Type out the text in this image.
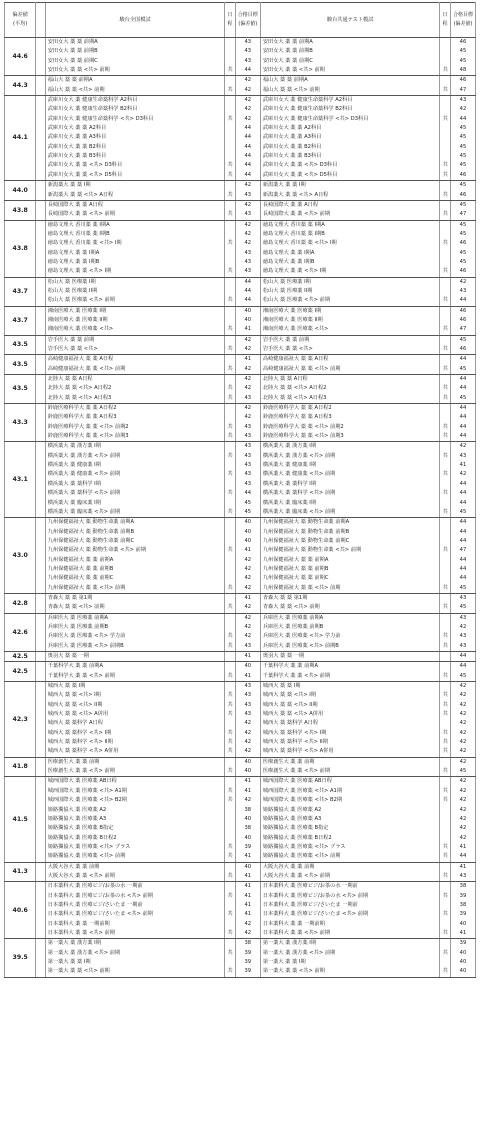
偏差値
(平均)		駿台全国模試	日程	合格目標
(偏差値)	駿台共通テスト模試	日程	合格目標
(偏差値)
44.6		安田女大 薬 薬 前期A		43	安田女大 薬 薬 前期A		46
		安田女大 薬 薬 前期B		43	安田女大 薬 薬 前期B		45
		安田女大 薬 薬 前期C		43	安田女大 薬 薬 前期C		45
		安田女大 薬 薬 <共> 前期	共	44	安田女大 薬 薬 <共> 前期	共	48
44.3		福山大 薬 薬 前期A		42	福山大 薬 薬 前期A		46
		福山大 薬 薬 <共> 前期	共	42	福山大 薬 薬 <共> 前期	共	47
44.1		武庫川女大 薬 健康生命薬科学 A2科目		42	武庫川女大 薬 健康生命薬科学 A2科目		43
		武庫川女大 薬 健康生命薬科学 B2科目		42	武庫川女大 薬 健康生命薬科学 B2科目		42
		武庫川女大 薬 健康生命薬科学 <共> D3科目	共	42	武庫川女大 薬 健康生命薬科学 <共> D3科目	共	44
		武庫川女大 薬 薬 A2科目		44	武庫川女大 薬 薬 A2科目		45
		武庫川女大 薬 薬 A3科目		44	武庫川女大 薬 薬 A3科目		45
		武庫川女大 薬 薬 B2科目		44	武庫川女大 薬 薬 B2科目		45
		武庫川女大 薬 薬 B3科目		44	武庫川女大 薬 薬 B3科目		45
		武庫川女大 薬 薬 <共> D3科目	共	44	武庫川女大 薬 薬 <共> D3科目	共	45
		武庫川女大 薬 薬 <共> D5科目	共	44	武庫川女大 薬 薬 <共> D5科目	共	46
44.0		新潟薬大 薬 薬 I期		42	新潟薬大 薬 薬 I期		45
		新潟薬大 薬 薬 <共> A日程	共	43	新潟薬大 薬 薬 <共> A日程	共	46
43.8		長崎国際大 薬 薬 A日程		42	長崎国際大 薬 薬 A日程		45
		長崎国際大 薬 薬 <共> 前期	共	43	長崎国際大 薬 薬 <共> 前期	共	47
43.8		徳島文理大 香川薬 薬 I期A		42	徳島文理大 香川薬 薬 I期A		45
		徳島文理大 香川薬 薬 I期B		42	徳島文理大 香川薬 薬 I期B		45
		徳島文理大 香川薬 薬 <共> I期	共	42	徳島文理大 香川薬 薬 <共> I期	共	46
		徳島文理大 薬 薬 I期A		43	徳島文理大 薬 薬 I期A		45
		徳島文理大 薬 薬 I期B		43	徳島文理大 薬 薬 I期B		45
		徳島文理大 薬 薬 <共> I期	共	43	徳島文理大 薬 薬 <共> I期	共	46
43.7		松山大 薬 医療薬 I期		44	松山大 薬 医療薬 I期		42
		松山大 薬 医療薬 II期		44	松山大 薬 医療薬 II期		43
		松山大 薬 医療薬 <共> 前期	共	44	松山大 薬 医療薬 <共> 前期	共	44
43.7		湘南医療大 薬 医療薬 I期		40	湘南医療大 薬 医療薬 I期		46
		湘南医療大 薬 医療薬 II期		40	湘南医療大 薬 医療薬 II期		46
		湘南医療大 薬 医療薬 <共>	共	41	湘南医療大 薬 医療薬 <共>	共	47
43.5		岩手医大 薬 薬 前期		42	岩手医大 薬 薬 前期		45
		岩手医大 薬 薬 <共>	共	42	岩手医大 薬 薬 <共>	共	46
43.5		高崎健康福祉大 薬 薬 A日程		41	高崎健康福祉大 薬 薬 A日程		44
		高崎健康福祉大 薬 薬 <共> 前期	共	42	高崎健康福祉大 薬 薬 <共> 前期	共	45
43.5		北陸大 薬 薬 A日程		42	北陸大 薬 薬 A日程		44
		北陸大 薬 薬 <共> A日程2	共	42	北陸大 薬 薬 <共> A日程2	共	44
		北陸大 薬 薬 <共> A日程3	共	43	北陸大 薬 薬 <共> A日程3	共	45
43.3		鈴鹿医療科学大 薬 薬 A日程2		42	鈴鹿医療科学大 薬 薬 A日程2		44
		鈴鹿医療科学大 薬 薬 A日程3		42	鈴鹿医療科学大 薬 薬 A日程3		44
		鈴鹿医療科学大 薬 薬 <共> 前期2	共	43	鈴鹿医療科学大 薬 薬 <共> 前期2	共	44
		鈴鹿医療科学大 薬 薬 <共> 前期3	共	43	鈴鹿医療科学大 薬 薬 <共> 前期3	共	44
43.1		横浜薬大 薬 漢方薬 I期		43	横浜薬大 薬 漢方薬 I期		42
		横浜薬大 薬 漢方薬 <共> 前期	共	43	横浜薬大 薬 漢方薬 <共> 前期	共	43
		横浜薬大 薬 健康薬 I期		43	横浜薬大 薬 健康薬 I期		41
		横浜薬大 薬 健康薬 <共> 前期	共	43	横浜薬大 薬 健康薬 <共> 前期	共	42
		横浜薬大 薬 薬科学 I期		43	横浜薬大 薬 薬科学 I期		44
		横浜薬大 薬 薬科学 <共> 前期	共	44	横浜薬大 薬 薬科学 <共> 前期	共	44
		横浜薬大 薬 臨床薬 I期		45	横浜薬大 薬 臨床薬 I期		44
		横浜薬大 薬 臨床薬 <共> 前期	共	45	横浜薬大 薬 臨床薬 <共> 前期	共	45
43.0		九州保健福祉大 薬 動物生命薬 前期A		40	九州保健福祉大 薬 動物生命薬 前期A		44
		九州保健福祉大 薬 動物生命薬 前期B		40	九州保健福祉大 薬 動物生命薬 前期B		44
		九州保健福祉大 薬 動物生命薬 前期C		40	九州保健福祉大 薬 動物生命薬 前期C		44
		九州保健福祉大 薬 動物生命薬 <共> 前期	共	41	九州保健福祉大 薬 動物生命薬 <共> 前期	共	47
		九州保健福祉大 薬 薬 前期A		42	九州保健福祉大 薬 薬 前期A		44
		九州保健福祉大 薬 薬 前期B		42	九州保健福祉大 薬 薬 前期B		44
		九州保健福祉大 薬 薬 前期C		42	九州保健福祉大 薬 薬 前期C		44
		九州保健福祉大 薬 薬 <共> 前期	共	42	九州保健福祉大 薬 薬 <共> 前期	共	45
42.8		青森大 薬 薬 第1期		41	青森大 薬 薬 第1期		43
		青森大 薬 薬 <共> 前期	共	42	青森大 薬 薬 <共> 前期	共	45
42.6		兵庫医大 薬 医療薬 前期A		42	兵庫医大 薬 医療薬 前期A		43
		兵庫医大 薬 医療薬 前期B		42	兵庫医大 薬 医療薬 前期B		42
		兵庫医大 薬 医療薬 <共> 学力前	共	42	兵庫医大 薬 医療薬 <共> 学力前	共	43
		兵庫医大 薬 医療薬 <共> 前期B	共	43	兵庫医大 薬 医療薬 <共> 前期B	共	43
42.5		奥羽大 薬 薬 一期		41	奥羽大 薬 薬 一期		44
42.5		千葉科学大 薬 薬 前期A		40	千葉科学大 薬 薬 前期A		44
		千葉科学大 薬 薬 <共> 前期	共	41	千葉科学大 薬 薬 <共> 前期	共	45
42.3		城西大 薬 薬 I期		43	城西大 薬 薬 I期		42
		城西大 薬 薬 <共> I期	共	43	城西大 薬 薬 <共> I期	共	42
		城西大 薬 薬 <共> II期	共	43	城西大 薬 薬 <共> II期	共	42
		城西大 薬 薬 <共> A併用	共	43	城西大 薬 薬 <共> A併用	共	42
		城西大 薬 薬科学 A日程		42	城西大 薬 薬科学 A日程		42
		城西大 薬 薬科学 <共> I期	共	42	城西大 薬 薬科学 <共> I期	共	42
		城西大 薬 薬科学 <共> II期	共	42	城西大 薬 薬科学 <共> II期	共	42
		城西大 薬 薬科学 <共> A併用	共	42	城西大 薬 薬科学 <共> A併用	共	42
41.8		医療創生大 薬 薬 前期		40	医療創生大 薬 薬 前期		42
		医療創生大 薬 薬 <共> 前期	共	40	医療創生大 薬 薬 <共> 前期	共	45
41.5		城西国際大 薬 医療薬 AB日程		41	城西国際大 薬 医療薬 AB日程		42
		城西国際大 薬 医療薬 <共> A1期	共	41	城西国際大 薬 医療薬 <共> A1期	共	42
		城西国際大 薬 医療薬 <共> B2期	共	42	城西国際大 薬 医療薬 <共> B2期	共	42
		姫路獨協大 薬 医療薬 A2		38	姫路獨協大 薬 医療薬 A2		42
		姫路獨協大 薬 医療薬 A3		40	姫路獨協大 薬 医療薬 A3		42
		姫路獨協大 薬 医療薬 B指定		38	姫路獨協大 薬 医療薬 B指定		42
		姫路獨協大 薬 医療薬 B日程2		40	姫路獨協大 薬 医療薬 B日程2		42
		姫路獨協大 薬 医療薬 <共> プラス	共	39	姫路獨協大 薬 医療薬 <共> プラス	共	41
		姫路獨協大 薬 医療薬 <共> 前期	共	41	姫路獨協大 薬 医療薬 <共> 前期	共	44
41.3		大阪大谷大 薬 薬 前期		40	大阪大谷大 薬 薬 前期		41
		大阪大谷大 薬 薬 <共> 前期	共	41	大阪大谷大 薬 薬 <共> 前期	共	43
40.6		日本薬科大 薬 医療ビジ/お茶の水 一期前		41	日本薬科大 薬 医療ビジ/お茶の水 一期前		38
		日本薬科大 薬 医療ビジ/お茶の水 <共> 前期	共	41	日本薬科大 薬 医療ビジ/お茶の水 <共> 前期	共	39
		日本薬科大 薬 医療ビジ/さいたま 一期前		41	日本薬科大 薬 医療ビジ/さいたま 一期前		38
		日本薬科大 薬 医療ビジ/さいたま <共> 前期	共	41	日本薬科大 薬 医療ビジ/さいたま <共> 前期	共	39
		日本薬科大 薬 薬 一期前期		42	日本薬科大 薬 薬 一期前期		40
		日本薬科大 薬 薬 <共> 前期	共	42	日本薬科大 薬 薬 <共> 前期	共	41
39.5		第一薬大 薬 漢方薬 I期		38	第一薬大 薬 漢方薬 I期		39
		第一薬大 薬 漢方薬 <共> 前期	共	39	第一薬大 薬 漢方薬 <共> 前期	共	40
		第一薬大 薬 薬 I期		39	第一薬大 薬 薬 I期		40
		第一薬大 薬 薬 <共> 前期	共	39	第一薬大 薬 薬 <共> 前期	共	40
